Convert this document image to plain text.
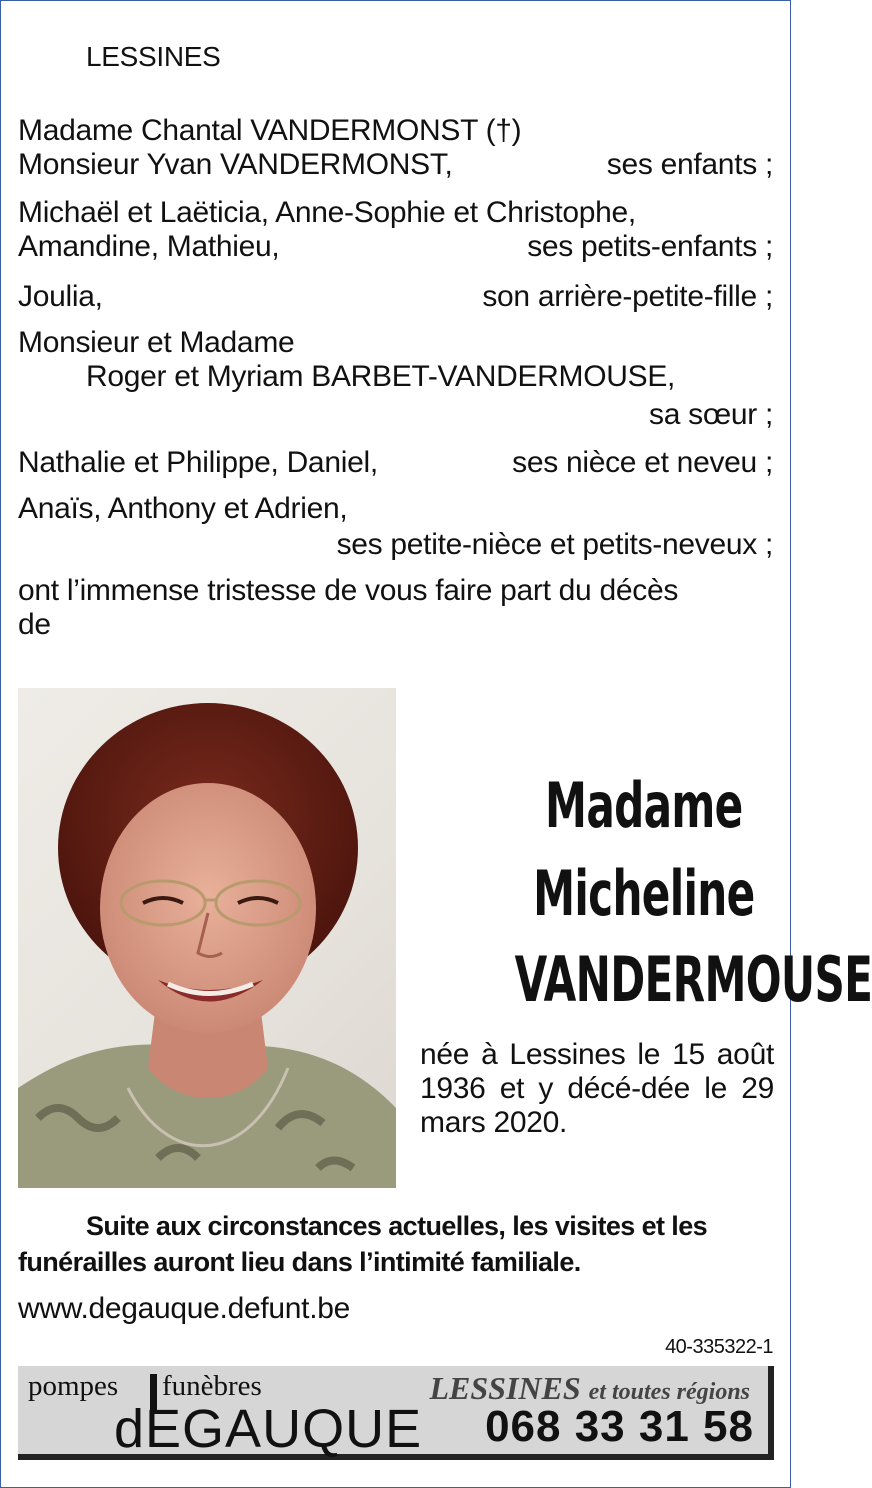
LESSINES
Madame Chantal VANDERMONST (†)
Monsieur Yvan VANDERMONST,	ses enfants ;
Michaël et Laëticia, Anne-Sophie et Christophe,
Amandine, Mathieu,	ses petits-enfants ;
Joulia,	son arrière-petite-fille ;
Monsieur et Madame
Roger et Myriam BARBET-VANDERMOUSE,
sa sœur ;
Nathalie et Philippe, Daniel,	ses nièce et neveu ;
Anaïs, Anthony et Adrien,
ses petite-nièce et petits-neveux ;
ont l’immense tristesse de vous faire part du décès
de
Madame
Micheline
VANDERMOUSE
née à Lessines le 15 août 1936 et y décé-dée le 29 mars 2020.
Suite aux circonstances actuelles, les visites et les funérailles auront lieu dans l’intimité familiale.
www.degauque.defunt.be
40-335322-1
pompes funèbres
dEGAUQUE
LESSINES et toutes régions
068 33 31 58
